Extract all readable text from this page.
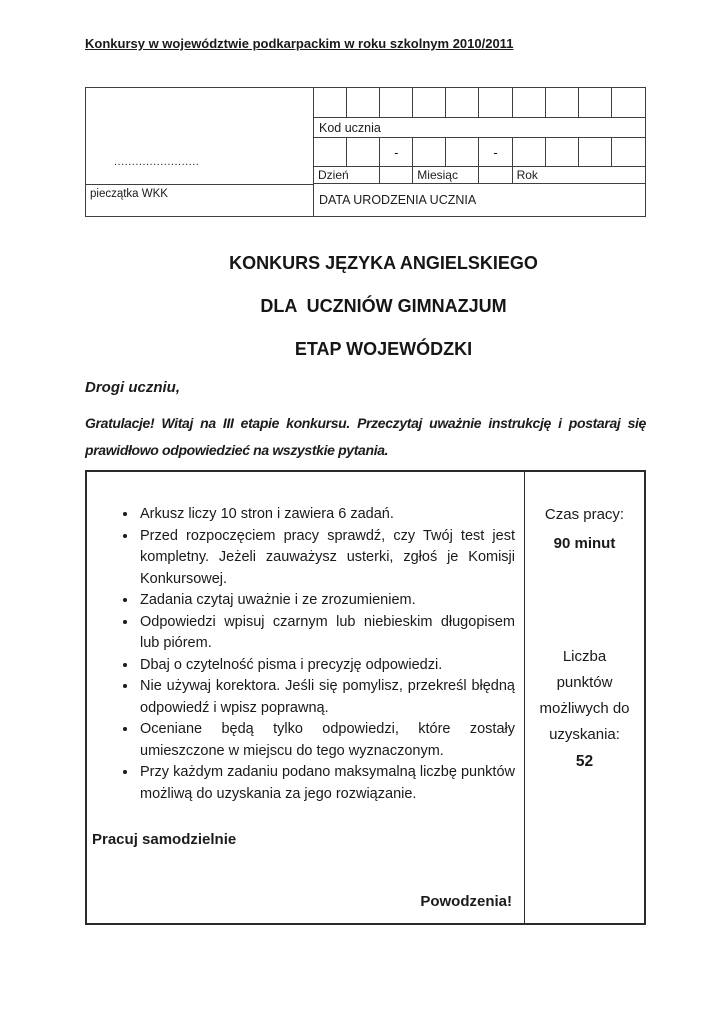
Konkursy w województwie podkarpackim w roku szkolnym 2010/2011
........................
pieczątka WKK
Kod ucznia
-	-
Dzień	Miesiąc	Rok
DATA URODZENIA UCZNIA
KONKURS JĘZYKA ANGIELSKIEGO
DLA  UCZNIÓW GIMNAZJUM
ETAP WOJEWÓDZKI
Drogi uczniu,
Gratulacje! Witaj na III etapie konkursu. Przeczytaj uważnie instrukcję i postaraj się prawidłowo odpowiedzieć na wszystkie pytania.
• Arkusz liczy 10 stron i zawiera 6 zadań.
• Przed rozpoczęciem pracy sprawdź, czy Twój test jest kompletny. Jeżeli zauważysz usterki, zgłoś je Komisji Konkursowej.
• Zadania czytaj uważnie i ze zrozumieniem.
• Odpowiedzi wpisuj czarnym lub niebieskim długopisem lub piórem.
• Dbaj o czytelność pisma i precyzję odpowiedzi.
• Nie używaj korektora. Jeśli się pomylisz, przekreśl błędną odpowiedź i wpisz poprawną.
• Oceniane będą tylko odpowiedzi, które zostały umieszczone w miejscu do tego wyznaczonym.
• Przy każdym zadaniu podano maksymalną liczbę punktów możliwą do uzyskania za jego rozwiązanie.
Pracuj samodzielnie
Powodzenia!
Czas pracy:
90 minut
Liczba punktów możliwych do uzyskania:
52
